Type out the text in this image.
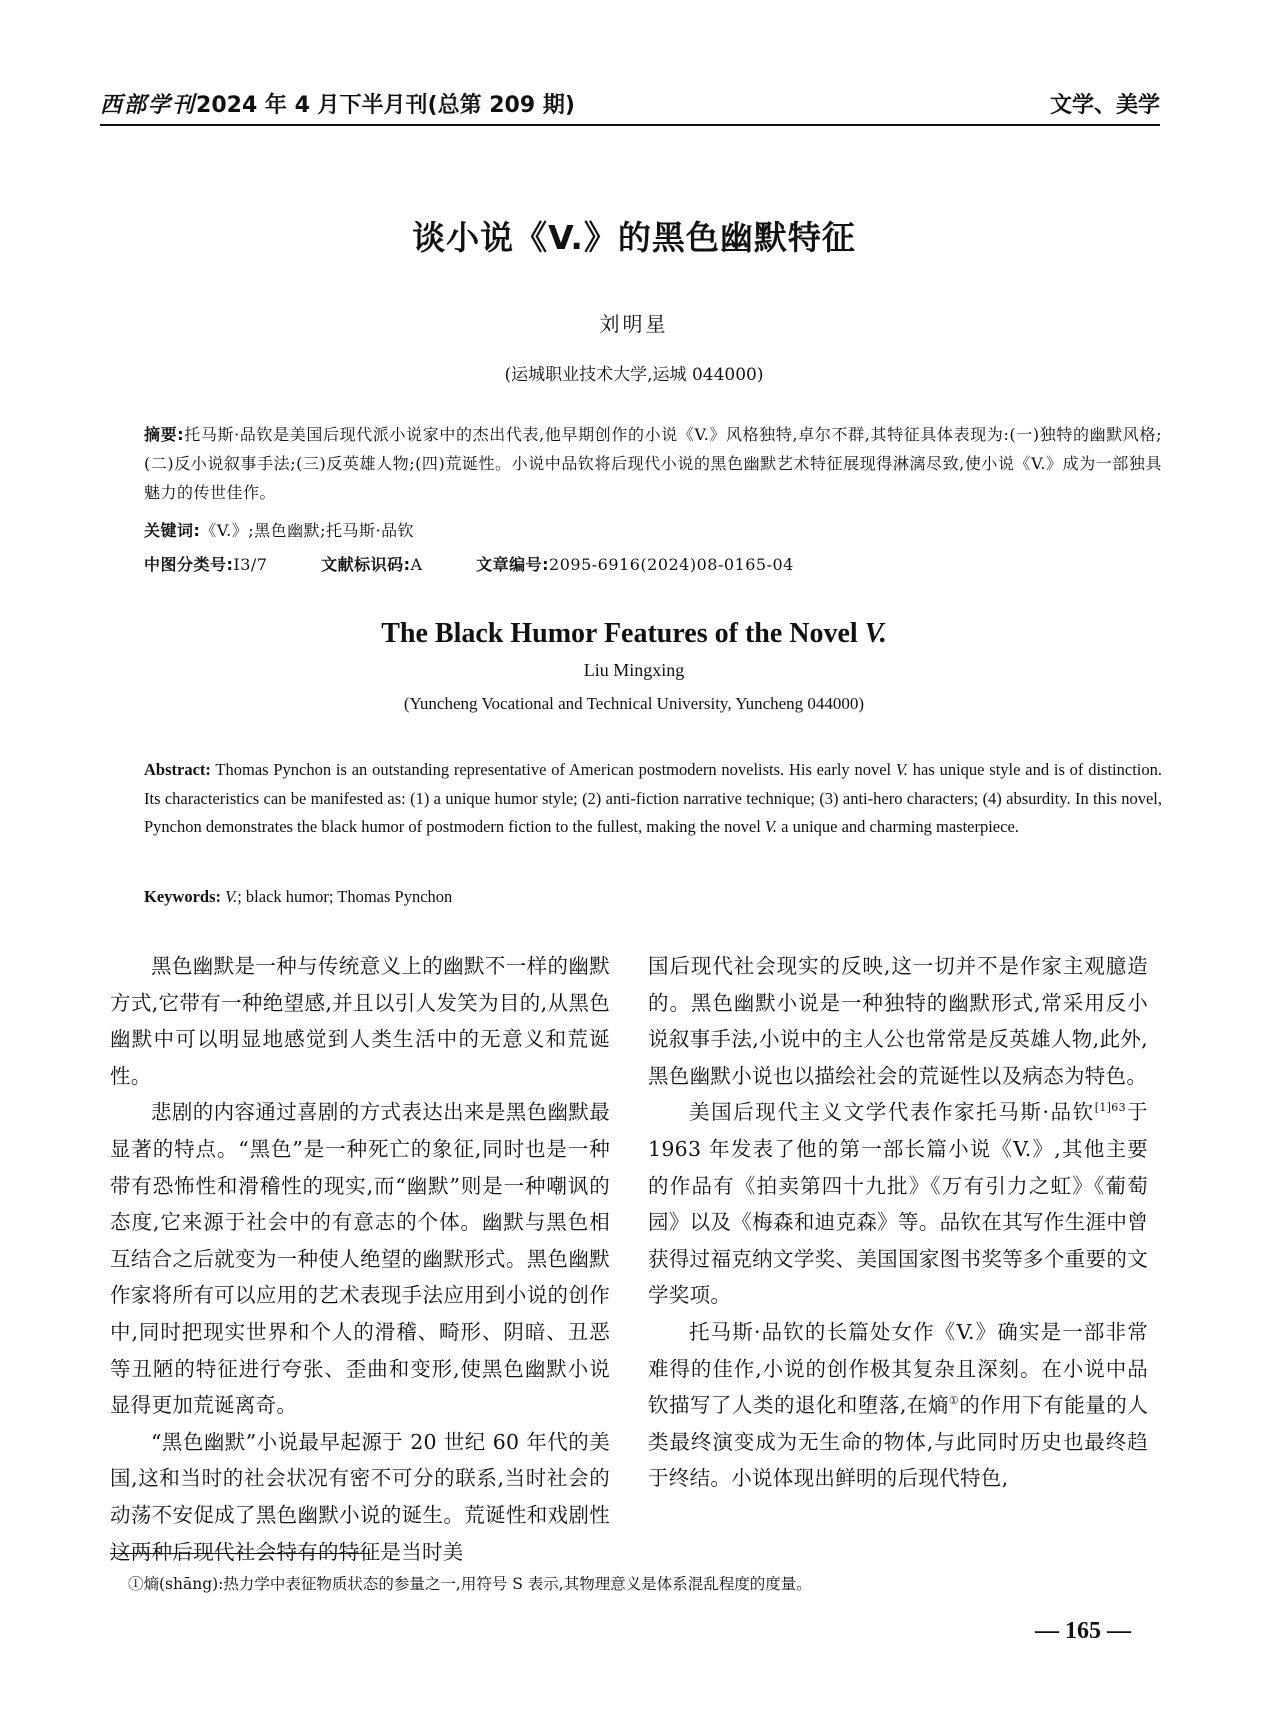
西部学刊2024 年 4 月下半月刊(总第 209 期)	文学、美学
谈小说《V.》的黑色幽默特征
刘明星
(运城职业技术大学,运城 044000)
摘要:托马斯·品钦是美国后现代派小说家中的杰出代表,他早期创作的小说《V.》风格独特,卓尔不群,其特征具体表现为:(一)独特的幽默风格;(二)反小说叙事手法;(三)反英雄人物;(四)荒诞性。小说中品钦将后现代小说的黑色幽默艺术特征展现得淋漓尽致,使小说《V.》成为一部独具魅力的传世佳作。
关键词:《V.》;黑色幽默;托马斯·品钦
中图分类号:I3/7	文献标识码:A	文章编号:2095-6916(2024)08-0165-04
The Black Humor Features of the Novel V.
Liu Mingxing
(Yuncheng Vocational and Technical University, Yuncheng 044000)
Abstract: Thomas Pynchon is an outstanding representative of American postmodern novelists. His early novel V. has unique style and is of distinction. Its characteristics can be manifested as: (1) a unique humor style; (2) anti-fiction narrative technique; (3) anti-hero characters; (4) absurdity. In this novel, Pynchon demonstrates the black humor of postmodern fiction to the fullest, making the novel V. a unique and charming masterpiece.
Keywords: V.; black humor; Thomas Pynchon

黑色幽默是一种与传统意义上的幽默不一样的幽默方式,它带有一种绝望感,并且以引人发笑为目的,从黑色幽默中可以明显地感觉到人类生活中的无意义和荒诞性。

悲剧的内容通过喜剧的方式表达出来是黑色幽默最显著的特点。“黑色”是一种死亡的象征,同时也是一种带有恐怖性和滑稽性的现实,而“幽默”则是一种嘲讽的态度,它来源于社会中的有意志的个体。幽默与黑色相互结合之后就变为一种使人绝望的幽默形式。黑色幽默作家将所有可以应用的艺术表现手法应用到小说的创作中,同时把现实世界和个人的滑稽、畸形、阴暗、丑恶等丑陋的特征进行夸张、歪曲和变形,使黑色幽默小说显得更加荒诞离奇。

“黑色幽默”小说最早起源于 20 世纪 60 年代的美国,这和当时的社会状况有密不可分的联系,当时社会的动荡不安促成了黑色幽默小说的诞生。荒诞性和戏剧性这两种后现代社会特有的特征是当时美

国后现代社会现实的反映,这一切并不是作家主观臆造的。黑色幽默小说是一种独特的幽默形式,常采用反小说叙事手法,小说中的主人公也常常是反英雄人物,此外,黑色幽默小说也以描绘社会的荒诞性以及病态为特色。

美国后现代主义文学代表作家托马斯·品钦$^{[1]63}$于 1963 年发表了他的第一部长篇小说《V.》,其他主要的作品有《拍卖第四十九批》《万有引力之虹》《葡萄园》以及《梅森和迪克森》等。品钦在其写作生涯中曾获得过福克纳文学奖、美国国家图书奖等多个重要的文学奖项。

托马斯·品钦的长篇处女作《V.》确实是一部非常难得的佳作,小说的创作极其复杂且深刻。在小说中品钦描写了人类的退化和堕落,在熵①的作用下有能量的人类最终演变成为无生命的物体,与此同时历史也最终趋于终结。小说体现出鲜明的后现代特色,

①熵(shāng):热力学中表征物质状态的参量之一,用符号 S 表示,其物理意义是体系混乱程度的度量。
— 165 —
